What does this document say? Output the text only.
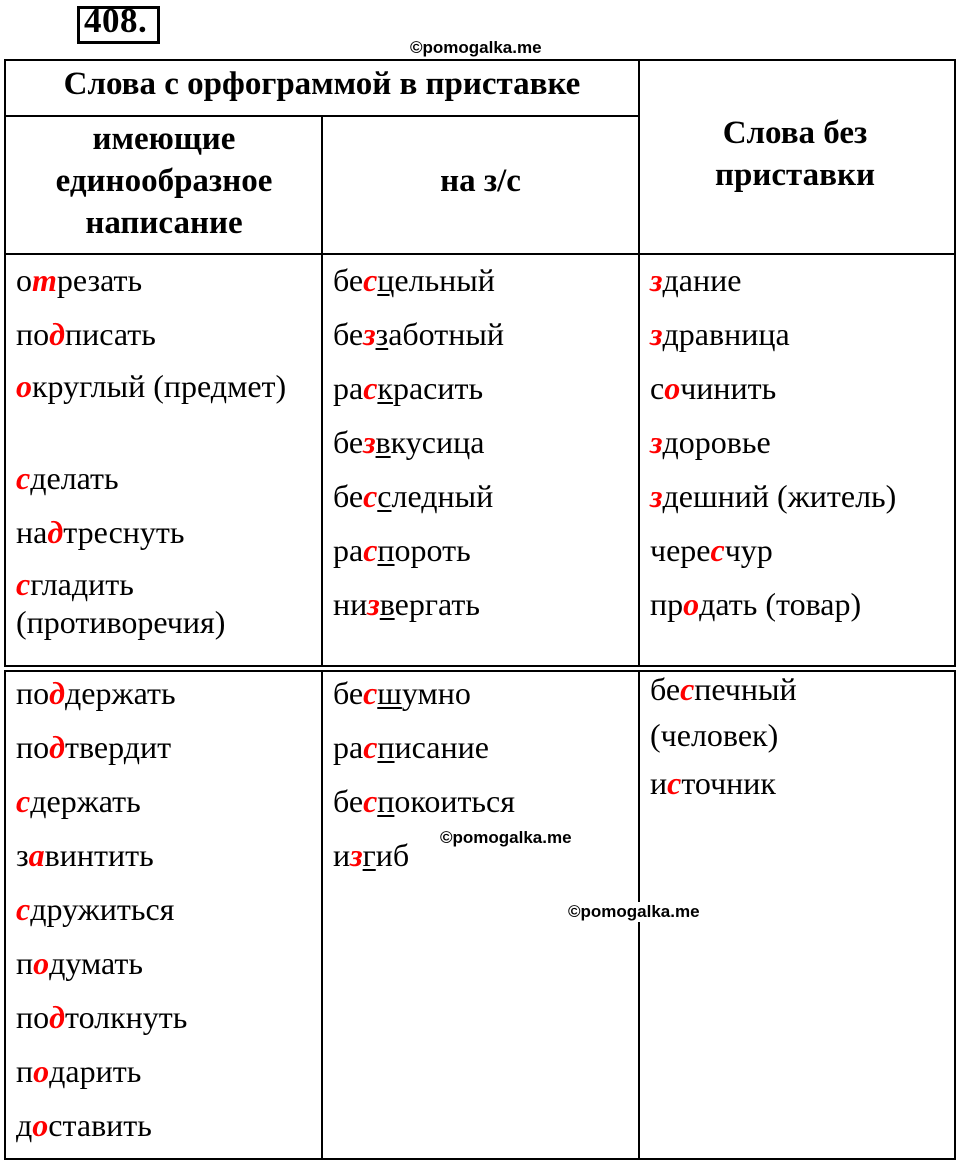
408.
Слова с орфограммой в приставке
имеющие единообразное написание
на з/с
Слова без приставки
отрезать
подписать
округлый (предмет)
сделать
надтреснуть
сгладить (противоречия)
бесцельный
беззаботный
раскрасить
безвкусица
бесследный
распороть
низвергать
здание
здравница
сочинить
здоровье
здешний (житель)
чересчур
продать (товар)
поддержать
подтвердит
сдержать
завинтить
сдружиться
подумать
подтолкнуть
подарить
доставить
бесшумно
расписание
беспокоиться
изгиб
беспечный (человек)
источник
©pomogalka.me
©pomogalka.me
©pomogalka.me
